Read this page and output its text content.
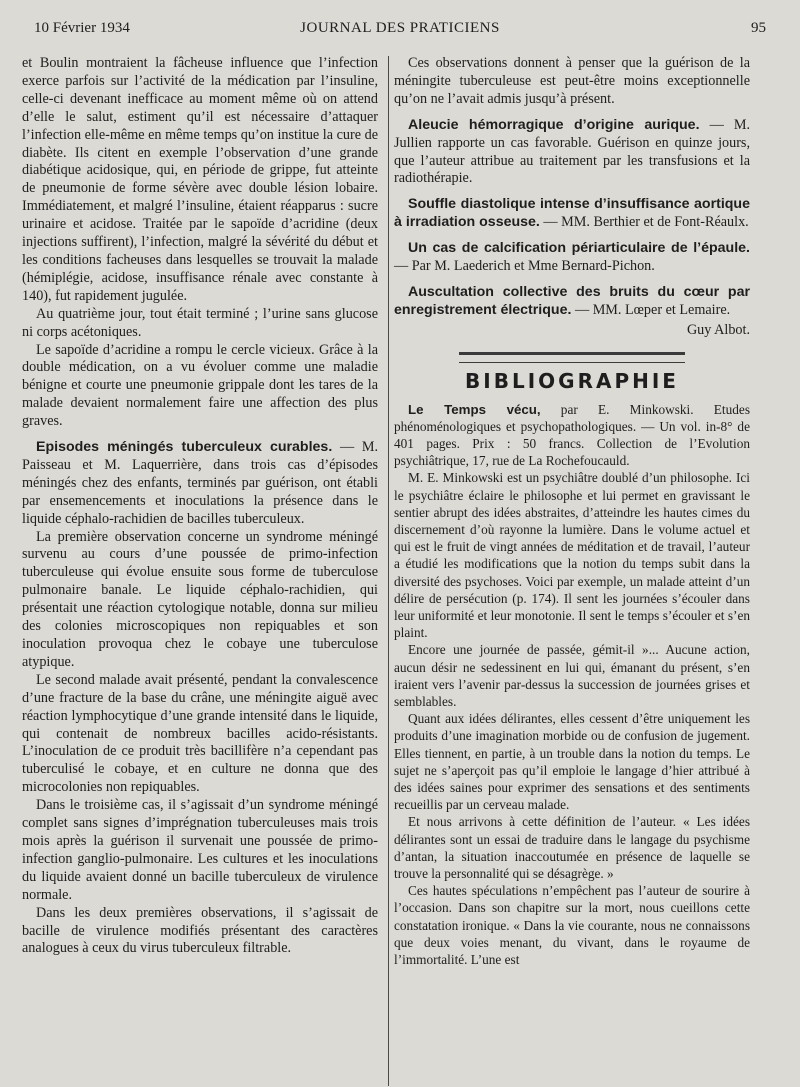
10 Février 1934	JOURNAL DES PRATICIENS	95

et Boulin montraient la fâcheuse influence que l’infection exerce parfois sur l’activité de la médication par l’insuline, celle-ci devenant inefficace au moment même où on attend d’elle le salut, estiment qu’il est nécessaire d’attaquer l’infection elle-même en même temps qu’on institue la cure de diabète. Ils citent en exemple l’observation d’une grande diabétique acidosique, qui, en période de grippe, fut atteinte de pneumonie de forme sévère avec double lésion lobaire. Immédiatement, et malgré l’insuline, étaient réapparus : sucre urinaire et acidose. Traitée par le sapoïde d’acridine (deux injections suffirent), l’infection, malgré la sévérité du début et les conditions facheuses dans lesquelles se trouvait la malade (hémiplégie, acidose, insuffisance rénale avec constante à 140), fut rapidement jugulée.

Au quatrième jour, tout était terminé ; l’urine sans glucose ni corps acétoniques.

Le sapoïde d’acridine a rompu le cercle vicieux. Grâce à la double médication, on a vu évoluer comme une maladie bénigne et courte une pneumonie grippale dont les tares de la malade devaient normalement faire une affection des plus graves.

Episodes méningés tuberculeux curables. — M. Paisseau et M. Laquerrière, dans trois cas d’épisodes méningés chez des enfants, terminés par guérison, ont établi par ensemencements et inoculations la présence dans le liquide céphalo-rachidien de bacilles tuberculeux.

La première observation concerne un syndrome méningé survenu au cours d’une poussée de primo-infection tuberculeuse qui évolue ensuite sous forme de tuberculose pulmonaire banale. Le liquide céphalo-rachidien, qui présentait une réaction cytologique notable, donna sur milieu des colonies microscopiques non repiquables et son inoculation provoqua chez le cobaye une tuberculose atypique.

Le second malade avait présenté, pendant la convalescence d’une fracture de la base du crâne, une méningite aiguë avec réaction lymphocytique d’une grande intensité dans le liquide, qui contenait de nombreux bacilles acido-résistants. L’inoculation de ce produit très bacillifère n’a cependant pas tuberculisé le cobaye, et en culture ne donna que des microcolonies non repiquables.

Dans le troisième cas, il s’agissait d’un syndrome méningé complet sans signes d’imprégnation tuberculeuses mais trois mois après la guérison il survenait une poussée de primo-infection ganglio-pulmonaire. Les cultures et les inoculations du liquide avaient donné un bacille tuberculeux de virulence normale.

Dans les deux premières observations, il s’agissait de bacille de virulence modifiés présentant des caractères analogues à ceux du virus tuberculeux filtrable.

Ces observations donnent à penser que la guérison de la méningite tuberculeuse est peut-être moins exceptionnelle qu’on ne l’avait admis jusqu’à présent.

Aleucie hémorragique d’origine aurique. — M. Jullien rapporte un cas favorable. Guérison en quinze jours, que l’auteur attribue au traitement par les transfusions et la radiothérapie.

Souffle diastolique intense d’insuffisance aortique à irradiation osseuse. — MM. Berthier et de Font-Réaulx.

Un cas de calcification périarticulaire de l’épaule. — Par M. Laederich et Mme Bernard-Pichon.

Auscultation collective des bruits du cœur par enregistrement électrique. — MM. Lœper et Lemaire.

Guy Albot.

BIBLIOGRAPHIE

Le Temps vécu, par E. Minkowski. Etudes phénoménologiques et psychopathologiques. — Un vol. in-8° de 401 pages. Prix : 50 francs. Collection de l’Evolution psychiâtrique, 17, rue de La Rochefoucauld.

M. E. Minkowski est un psychiâtre doublé d’un philosophe. Ici le psychiâtre éclaire le philosophe et lui permet en gravissant le sentier abrupt des idées abstraites, d’atteindre les hautes cimes du discernement d’où rayonne la lumière. Dans le volume actuel et qui est le fruit de vingt années de méditation et de travail, l’auteur a étudié les modifications que la notion du temps subit dans la diversité des psychoses. Voici par exemple, un malade atteint d’un délire de persécution (p. 174). Il sent les journées s’écouler dans leur uniformité et leur monotonie. Il sent le temps s’écouler et s’en plaint.

Encore une journée de passée, gémit-il »... Aucune action, aucun désir ne sedessinent en lui qui, émanant du présent, s’en iraient vers l’avenir par-dessus la succession de journées grises et semblables.

Quant aux idées délirantes, elles cessent d’être uniquement les produits d’une imagination morbide ou de confusion de jugement. Elles tiennent, en partie, à un trouble dans la notion du temps. Le sujet ne s’aperçoit pas qu’il emploie le langage d’hier attribué à des idées saines pour exprimer des sensations et des sentiments recueillis par un cerveau malade.

Et nous arrivons à cette définition de l’auteur. « Les idées délirantes sont un essai de traduire dans le langage du psychisme d’antan, la situation inaccoutumée en présence de laquelle se trouve la personnalité qui se désagrège. »

Ces hautes spéculations n’empêchent pas l’auteur de sourire à l’occasion. Dans son chapitre sur la mort, nous cueillons cette constatation ironique. « Dans la vie courante, nous ne connaissons que deux voies menant, du vivant, dans le royaume de l’immortalité. L’une est
